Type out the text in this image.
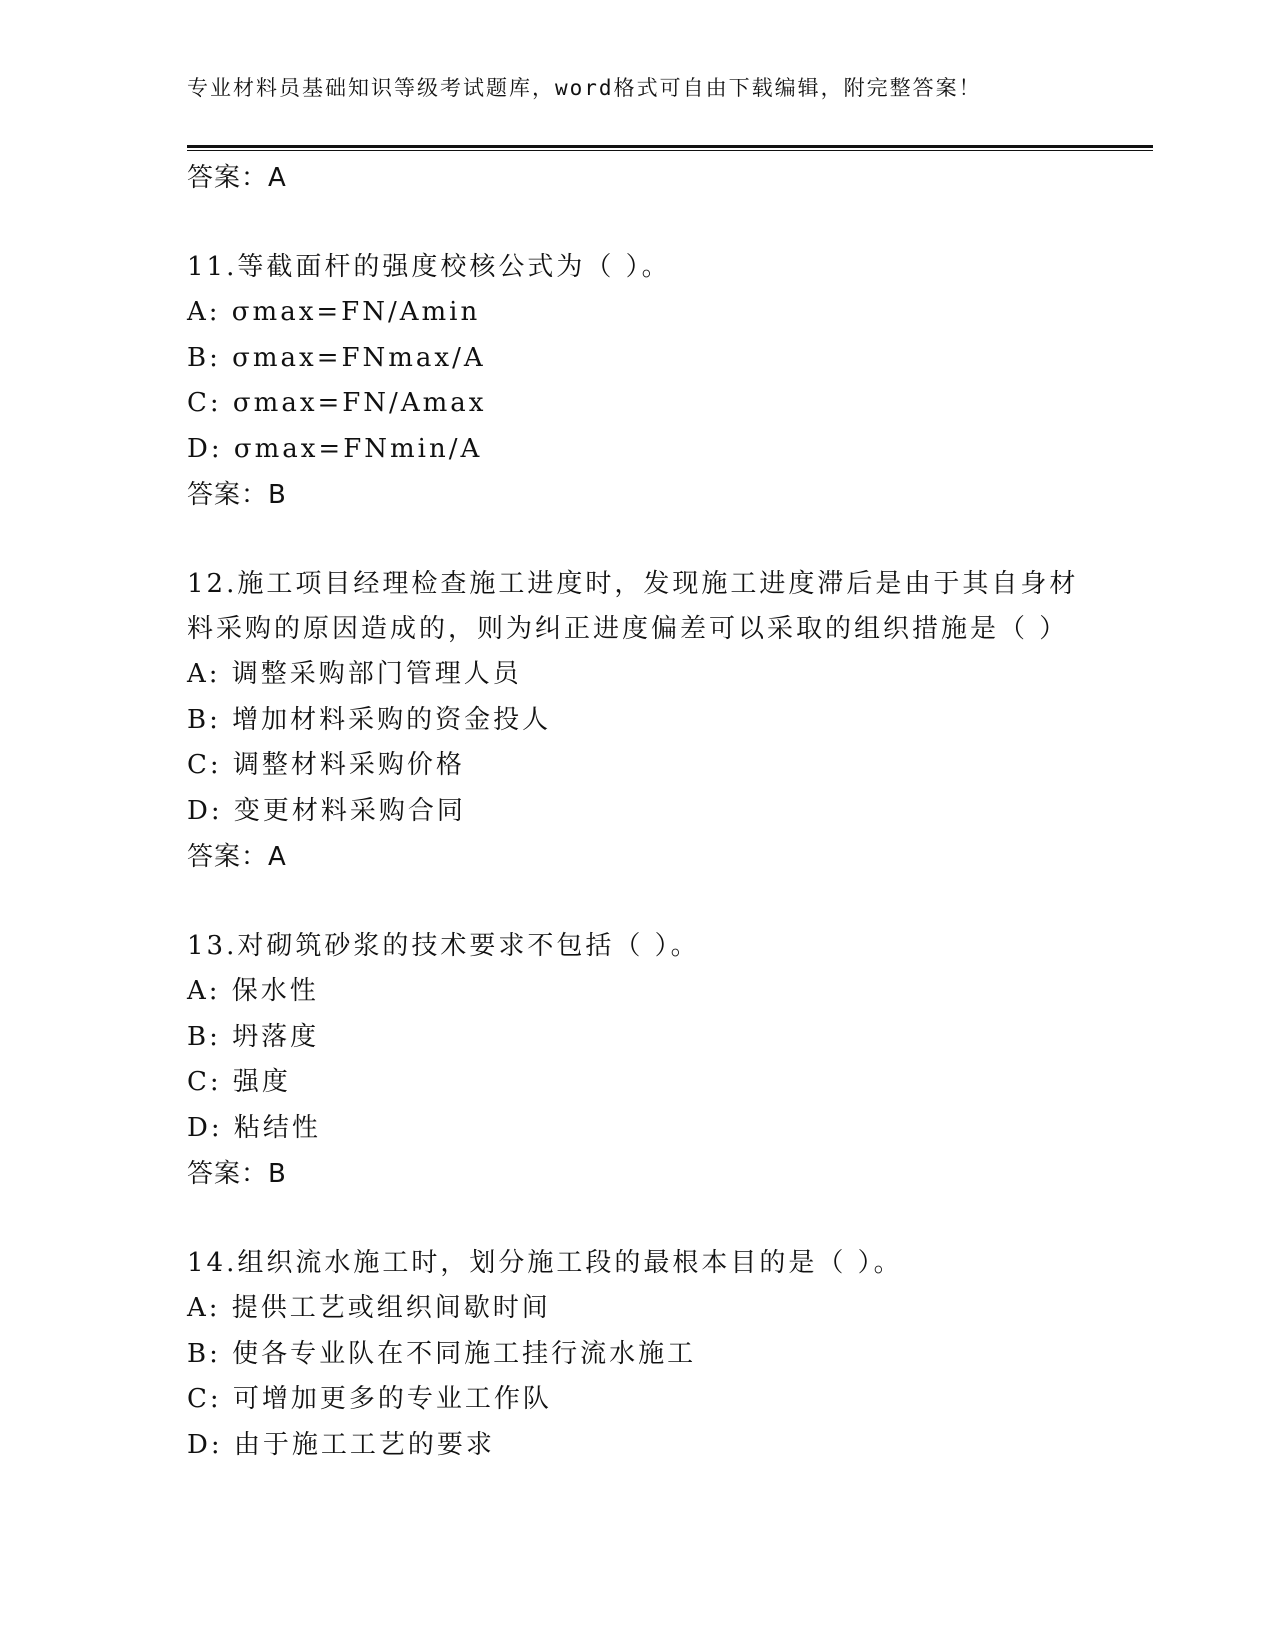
专业材料员基础知识等级考试题库，word格式可自由下载编辑，附完整答案！
答案：A
11.等截面杆的强度校核公式为（ ）。
A: σmax=FN/Amin
B: σmax=FNmax/A
C: σmax=FN/Amax
D: σmax=FNmin/A
答案：B
12.施工项目经理检查施工进度时，发现施工进度滞后是由于其自身材
料采购的原因造成的，则为纠正进度偏差可以采取的组织措施是（ ）
A: 调整采购部门管理人员
B: 增加材料采购的资金投人
C: 调整材料采购价格
D: 变更材料采购合同
答案：A
13.对砌筑砂浆的技术要求不包括（ ）。
A: 保水性
B: 坍落度
C: 强度
D: 粘结性
答案：B
14.组织流水施工时，划分施工段的最根本目的是（ ）。
A: 提供工艺或组织间歇时间
B: 使各专业队在不同施工挂行流水施工
C: 可增加更多的专业工作队
D: 由于施工工艺的要求
